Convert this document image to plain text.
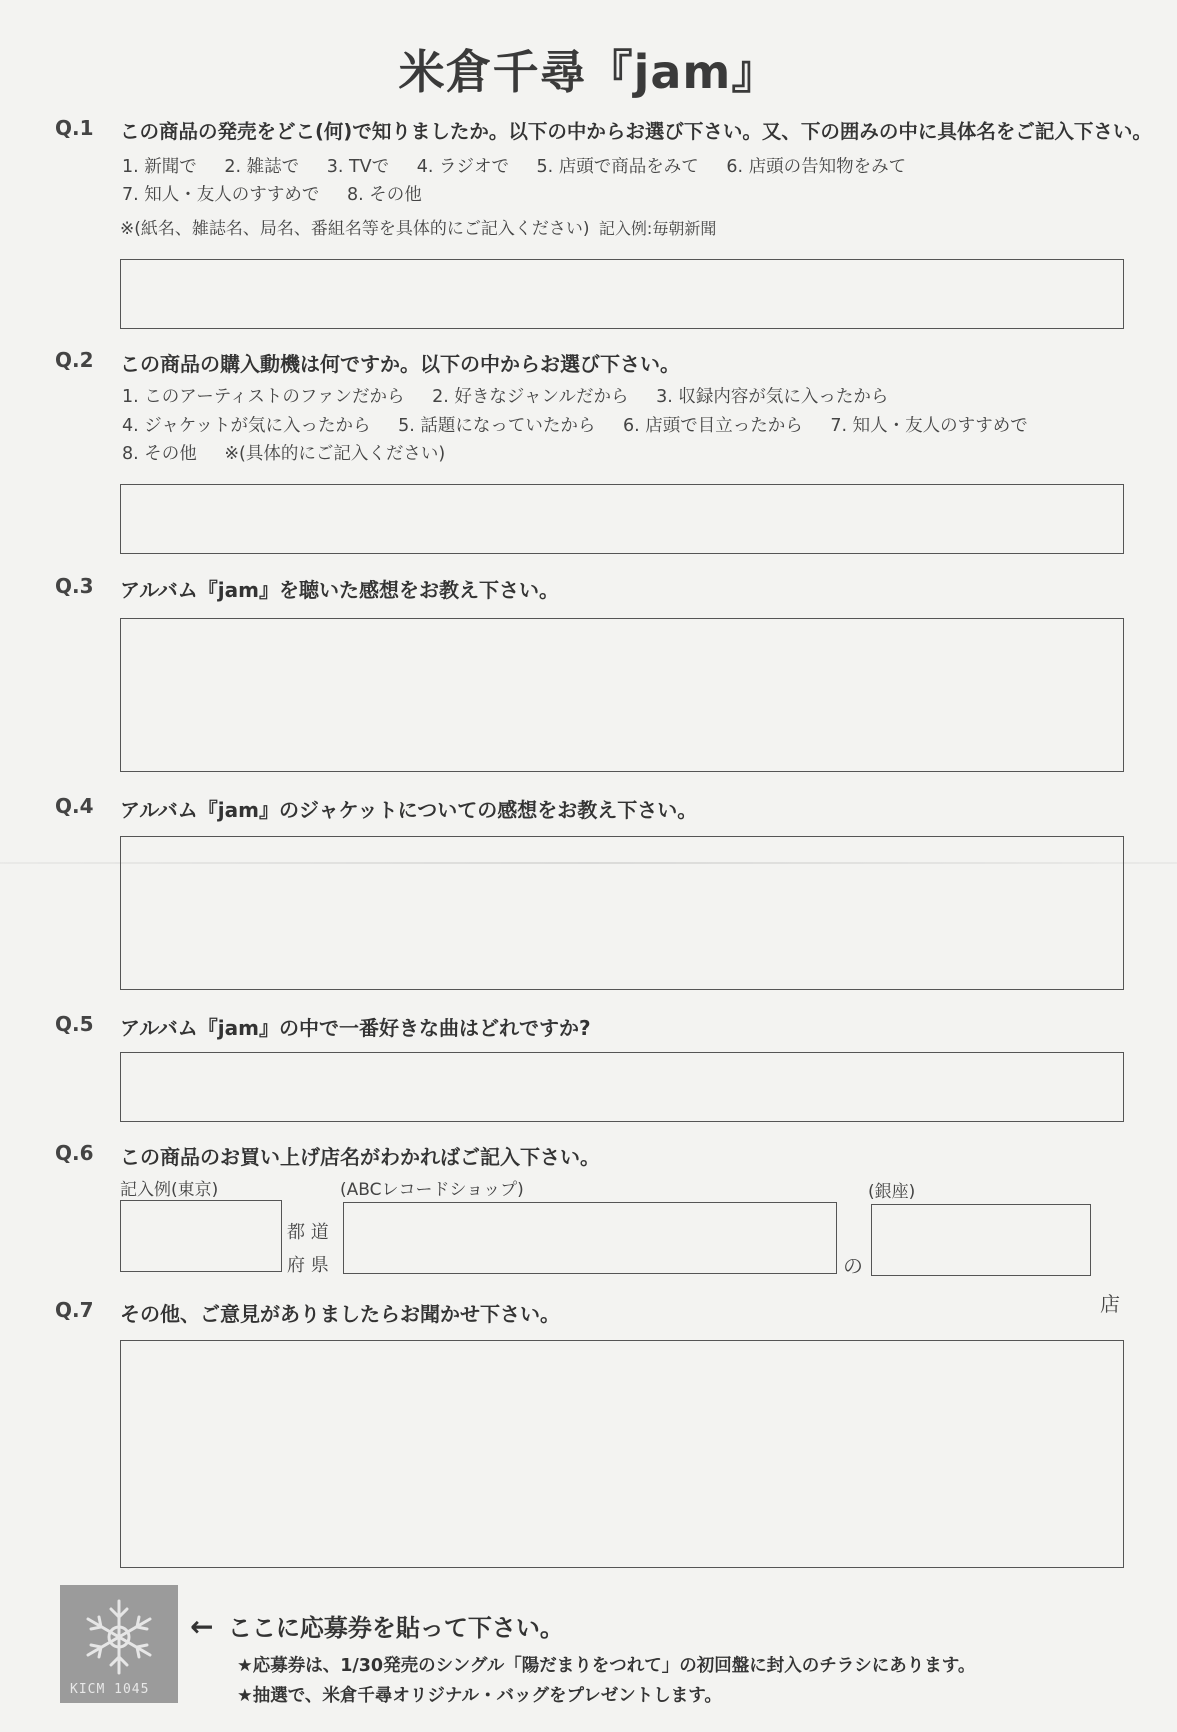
米倉千尋『jam』
Q.1 この商品の発売をどこ(何)で知りましたか。以下の中からお選び下さい。又、下の囲みの中に具体名をご記入下さい。
1. 新聞で 2. 雑誌で 3. TVで 4. ラジオで 5. 店頭で商品をみて 6. 店頭の告知物をみて
7. 知人・友人のすすめで 8. その他
※(紙名、雑誌名、局名、番組名等を具体的にご記入ください) 記入例:毎朝新聞
Q.2 この商品の購入動機は何ですか。以下の中からお選び下さい。
1. このアーティストのファンだから 2. 好きなジャンルだから 3. 収録内容が気に入ったから
4. ジャケットが気に入ったから 5. 話題になっていたから 6. 店頭で目立ったから 7. 知人・友人のすすめで
8. その他 ※(具体的にご記入ください)
Q.3 アルバム『jam』を聴いた感想をお教え下さい。
Q.4 アルバム『jam』のジャケットについての感想をお教え下さい。
Q.5 アルバム『jam』の中で一番好きな曲はどれですか?
Q.6 この商品のお買い上げ店名がわかればご記入下さい。
記入例(東京)	(ABCレコードショップ)	(銀座)
都 道
府 県	の
店
Q.7 その他、ご意見がありましたらお聞かせ下さい。
KICM 1045
← ここに応募券を貼って下さい。
★応募券は、1/30発売のシングル「陽だまりをつれて」の初回盤に封入のチラシにあります。
★抽選で、米倉千尋オリジナル・バッグをプレゼントします。
